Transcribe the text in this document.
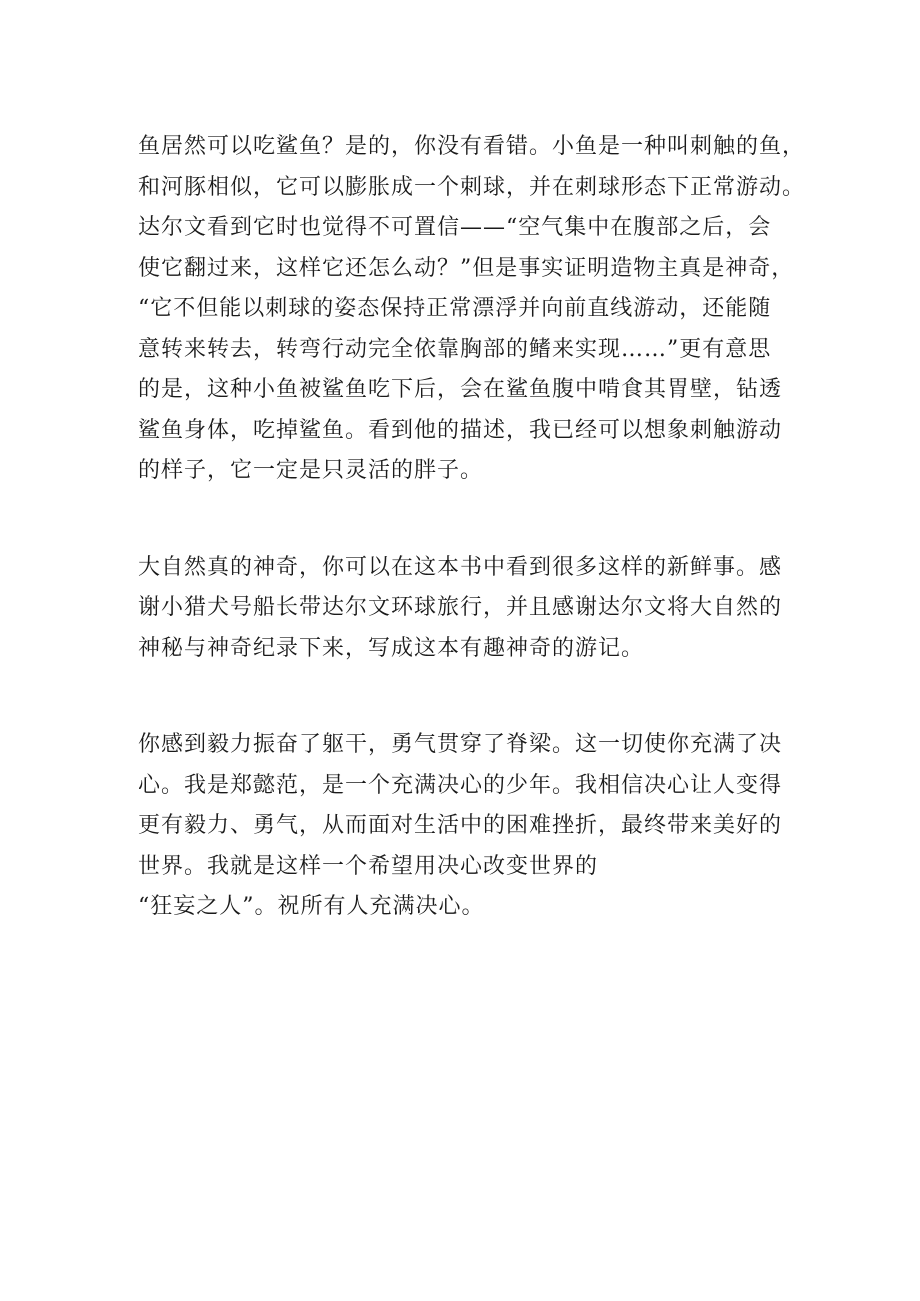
鱼居然可以吃鲨鱼？是的，你没有看错。小鱼是一种叫刺触的鱼，
和河豚相似，它可以膨胀成一个刺球，并在刺球形态下正常游动。
达尔文看到它时也觉得不可置信——“空气集中在腹部之后，会
使它翻过来，这样它还怎么动？”但是事实证明造物主真是神奇，
“它不但能以刺球的姿态保持正常漂浮并向前直线游动，还能随
意转来转去，转弯行动完全依靠胸部的鳍来实现……”更有意思
的是，这种小鱼被鲨鱼吃下后，会在鲨鱼腹中啃食其胃壁，钻透
鲨鱼身体，吃掉鲨鱼。看到他的描述，我已经可以想象刺触游动
的样子，它一定是只灵活的胖子。
大自然真的神奇，你可以在这本书中看到很多这样的新鲜事。感
谢小猎犬号船长带达尔文环球旅行，并且感谢达尔文将大自然的
神秘与神奇纪录下来，写成这本有趣神奇的游记。
你感到毅力振奋了躯干，勇气贯穿了脊梁。这一切使你充满了决
心。我是郑懿范，是一个充满决心的少年。我相信决心让人变得
更有毅力、勇气，从而面对生活中的困难挫折，最终带来美好的
世界。我就是这样一个希望用决心改变世界的
“狂妄之人”。祝所有人充满决心。
